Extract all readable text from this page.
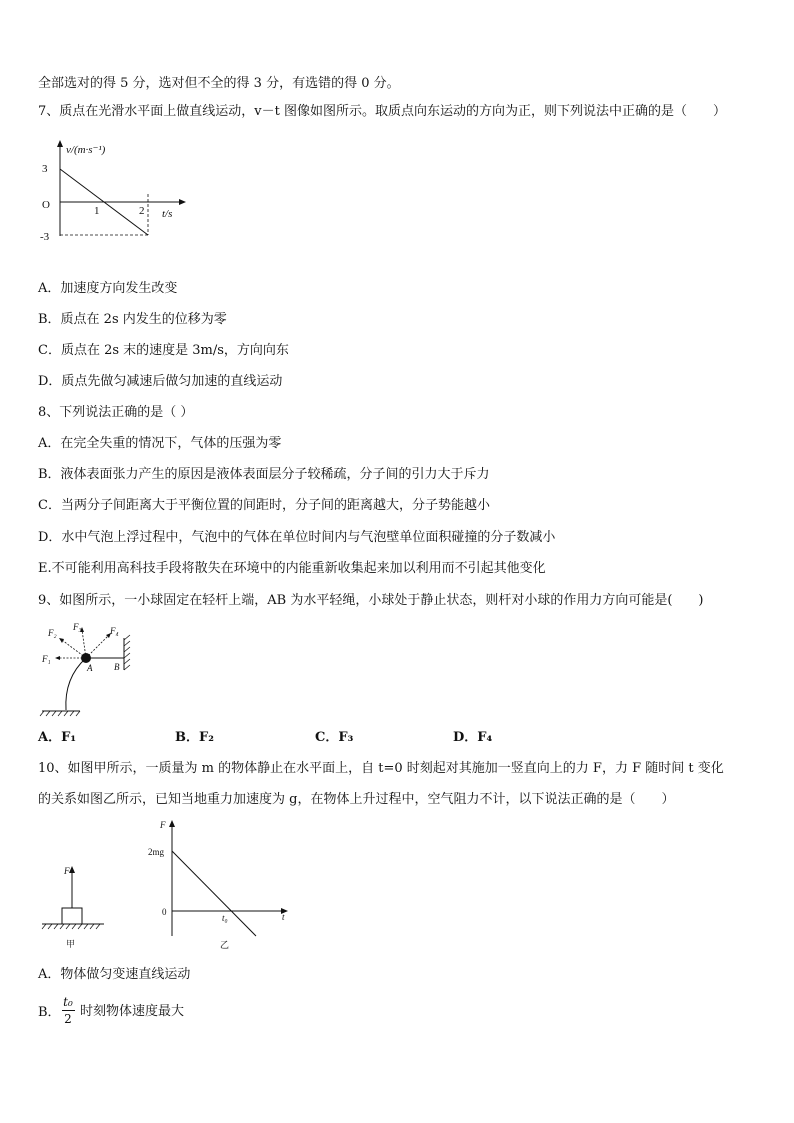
全部选对的得 5 分，选对但不全的得 3 分，有选错的得 0 分。
7、质点在光滑水平面上做直线运动，v－t 图像如图所示。取质点向东运动的方向为正，则下列说法中正确的是（　　）
v/(m·s⁻¹)
3
O
-3
1	2 t/s
A．加速度方向发生改变
B．质点在 2s 内发生的位移为零
C．质点在 2s 末的速度是 3m/s，方向向东
D．质点先做匀减速后做匀加速的直线运动
8、下列说法正确的是（ ）
A．在完全失重的情况下，气体的压强为零
B．液体表面张力产生的原因是液体表面层分子较稀疏，分子间的引力大于斥力
C．当两分子间距离大于平衡位置的间距时，分子间的距离越大，分子势能越小
D．水中气泡上浮过程中，气泡中的气体在单位时间内与气泡壁单位面积碰撞的分子数减小
E.不可能利用高科技手段将散失在环境中的内能重新收集起来加以利用而不引起其他变化
9、如图所示，一小球固定在轻杆上端，AB 为水平轻绳，小球处于静止状态，则杆对小球的作用力方向可能是(　　)
F₁
F₂
F₃	F₄
A B
A．F₁	B．F₂	C．F₃	D．F₄
10、如图甲所示，一质量为 m 的物体静止在水平面上，自 t=0 时刻起对其施加一竖直向上的力 F，力 F 随时间 t 变化
的关系如图乙所示，已知当地重力加速度为 g，在物体上升过程中，空气阻力不计，以下说法正确的是（　　）
F
甲
F
2mg
0
t₀	t
乙
A．物体做匀变速直线运动
B．
t₀
2 时刻物体速度最大
